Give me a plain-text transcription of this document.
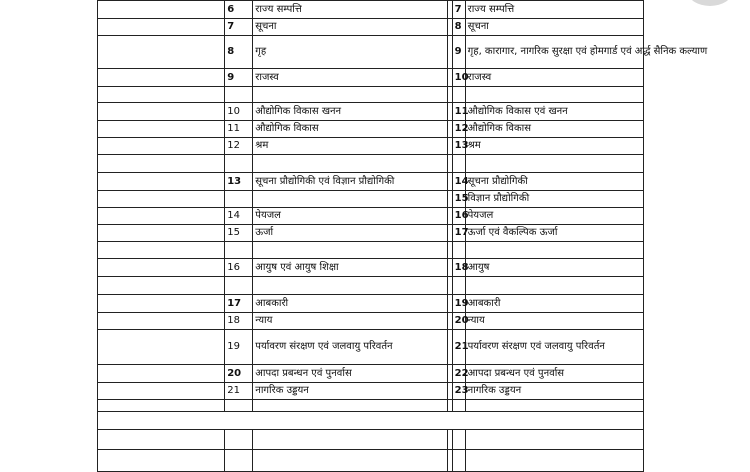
	6	राज्य सम्पत्ति		7	राज्य सम्पत्ति
	7	सूचना		8	सूचना
	8	गृह		9	गृह, कारागार, नागरिक सुरक्षा एवं होमगार्ड एवं अर्द्ध सैनिक कल्याण
	9	राजस्व		10	राजस्व

	10	औद्योगिक विकास खनन		11	औद्योगिक विकास एवं खनन
	11	औद्योगिक विकास		12	औद्योगिक विकास
	12	श्रम		13	श्रम

	13	सूचना प्रौद्योगिकी एवं विज्ञान प्रौद्योगिकी		14	सूचना प्रौद्योगिकी
				15	विज्ञान प्रौद्योगिकी
	14	पेयजल		16	पेयजल
	15	ऊर्जा		17	ऊर्जा एवं वैकल्पिक ऊर्जा

	16	आयुष एवं आयुष शिक्षा		18	आयुष

	17	आबकारी		19	आबकारी
	18	न्याय		20	न्याय
	19	पर्यावरण संरक्षण एवं जलवायु परिवर्तन		21	पर्यावरण संरक्षण एवं जलवायु परिवर्तन
	20	आपदा प्रबन्धन एवं पुनर्वास		22	आपदा प्रबन्धन एवं पुनर्वास
	21	नागरिक उड्डयन		23	नागरिक उड्डयन
